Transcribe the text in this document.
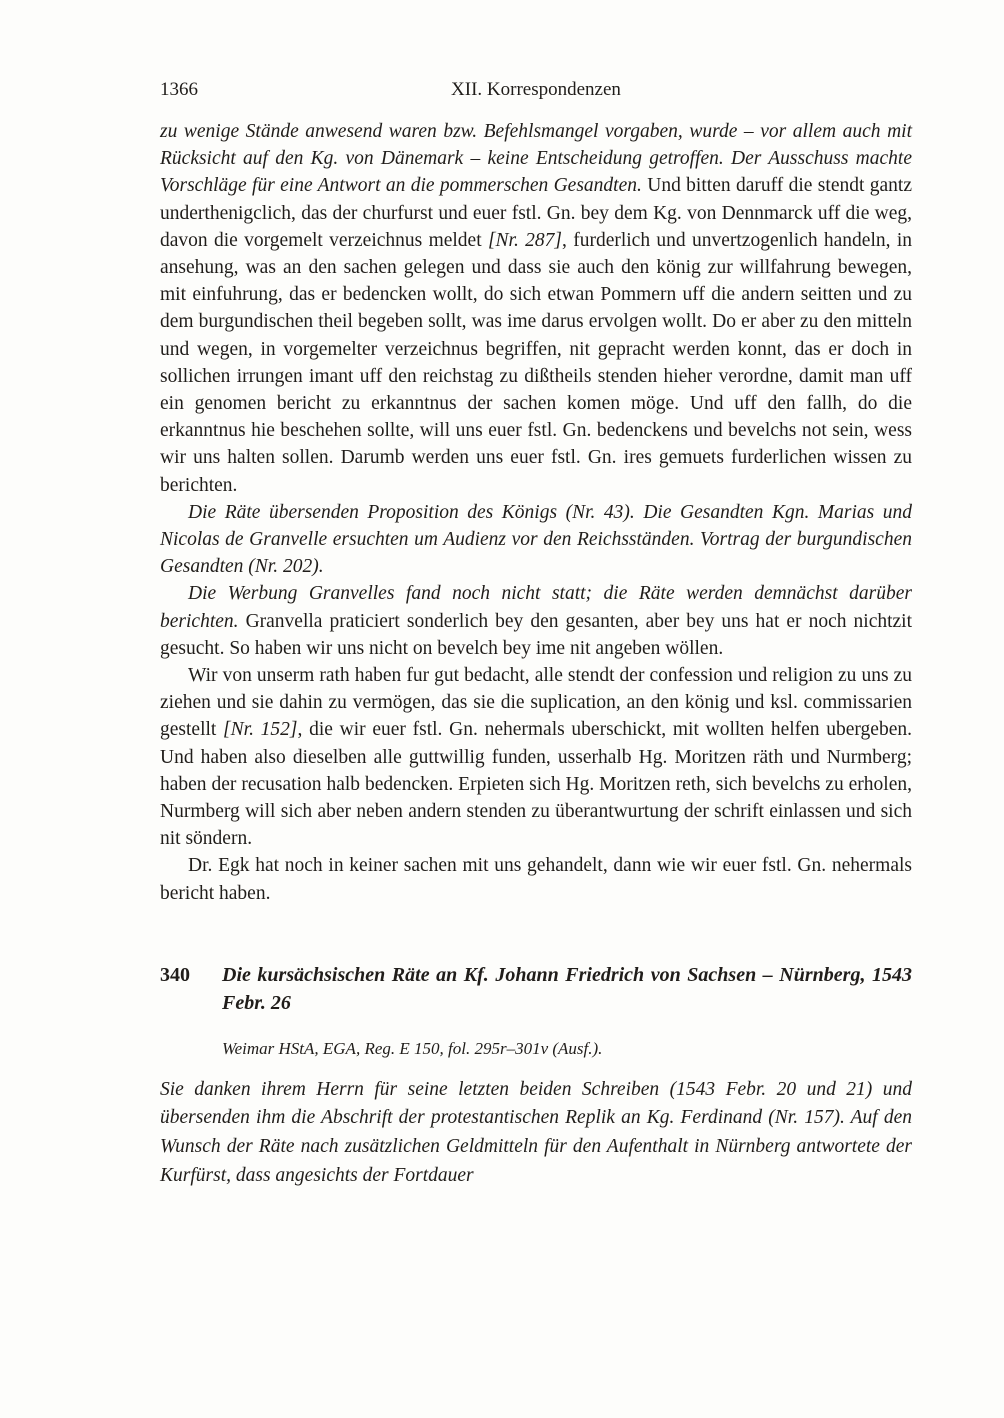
1366	XII. Korrespondenzen

zu wenige Stände anwesend waren bzw. Befehlsmangel vorgaben, wurde – vor allem auch mit Rücksicht auf den Kg. von Dänemark – keine Entscheidung getroffen. Der Ausschuss machte Vorschläge für eine Antwort an die pommerschen Gesandten. Und bitten daruff die stendt gantz underthenigclich, das der churfurst und euer fstl. Gn. bey dem Kg. von Dennmarck uff die weg, davon die vorgemelt verzeichnus meldet [Nr. 287], furderlich und unvertzogenlich handeln, in ansehung, was an den sachen gelegen und dass sie auch den könig zur willfahrung bewegen, mit einfuhrung, das er bedencken wollt, do sich etwan Pommern uff die andern seitten und zu dem burgundischen theil begeben sollt, was ime darus ervolgen wollt. Do er aber zu den mitteln und wegen, in vorgemelter verzeichnus begriffen, nit gepracht werden konnt, das er doch in sollichen irrungen imant uff den reichstag zu dißtheils stenden hieher verordne, damit man uff ein genomen bericht zu erkanntnus der sachen komen möge. Und uff den fallh, do die erkanntnus hie beschehen sollte, will uns euer fstl. Gn. bedenckens und bevelchs not sein, wess wir uns halten sollen. Darumb werden uns euer fstl. Gn. ires gemuets furderlichen wissen zu berichten.

Die Räte übersenden Proposition des Königs (Nr. 43). Die Gesandten Kgn. Marias und Nicolas de Granvelle ersuchten um Audienz vor den Reichsständen. Vortrag der burgundischen Gesandten (Nr. 202).

Die Werbung Granvelles fand noch nicht statt; die Räte werden demnächst darüber berichten. Granvella praticiert sonderlich bey den gesanten, aber bey uns hat er noch nichtzit gesucht. So haben wir uns nicht on bevelch bey ime nit angeben wöllen.

Wir von unserm rath haben fur gut bedacht, alle stendt der confession und religion zu uns zu ziehen und sie dahin zu vermögen, das sie die suplication, an den könig und ksl. commissarien gestellt [Nr. 152], die wir euer fstl. Gn. nehermals uberschickt, mit wollten helfen ubergeben. Und haben also dieselben alle guttwillig funden, usserhalb Hg. Moritzen räth und Nurmberg; haben der recusation halb bedencken. Erpieten sich Hg. Moritzen reth, sich bevelchs zu erholen, Nurmberg will sich aber neben andern stenden zu überantwurtung der schrift einlassen und sich nit söndern.

Dr. Egk hat noch in keiner sachen mit uns gehandelt, dann wie wir euer fstl. Gn. nehermals bericht haben.

340	Die kursächsischen Räte an Kf. Johann Friedrich von Sachsen – Nürnberg, 1543 Febr. 26

Weimar HStA, EGA, Reg. E 150, fol. 295r–301v (Ausf.).

Sie danken ihrem Herrn für seine letzten beiden Schreiben (1543 Febr. 20 und 21) und übersenden ihm die Abschrift der protestantischen Replik an Kg. Ferdinand (Nr. 157). Auf den Wunsch der Räte nach zusätzlichen Geldmitteln für den Aufenthalt in Nürnberg antwortete der Kurfürst, dass angesichts der Fortdauer
